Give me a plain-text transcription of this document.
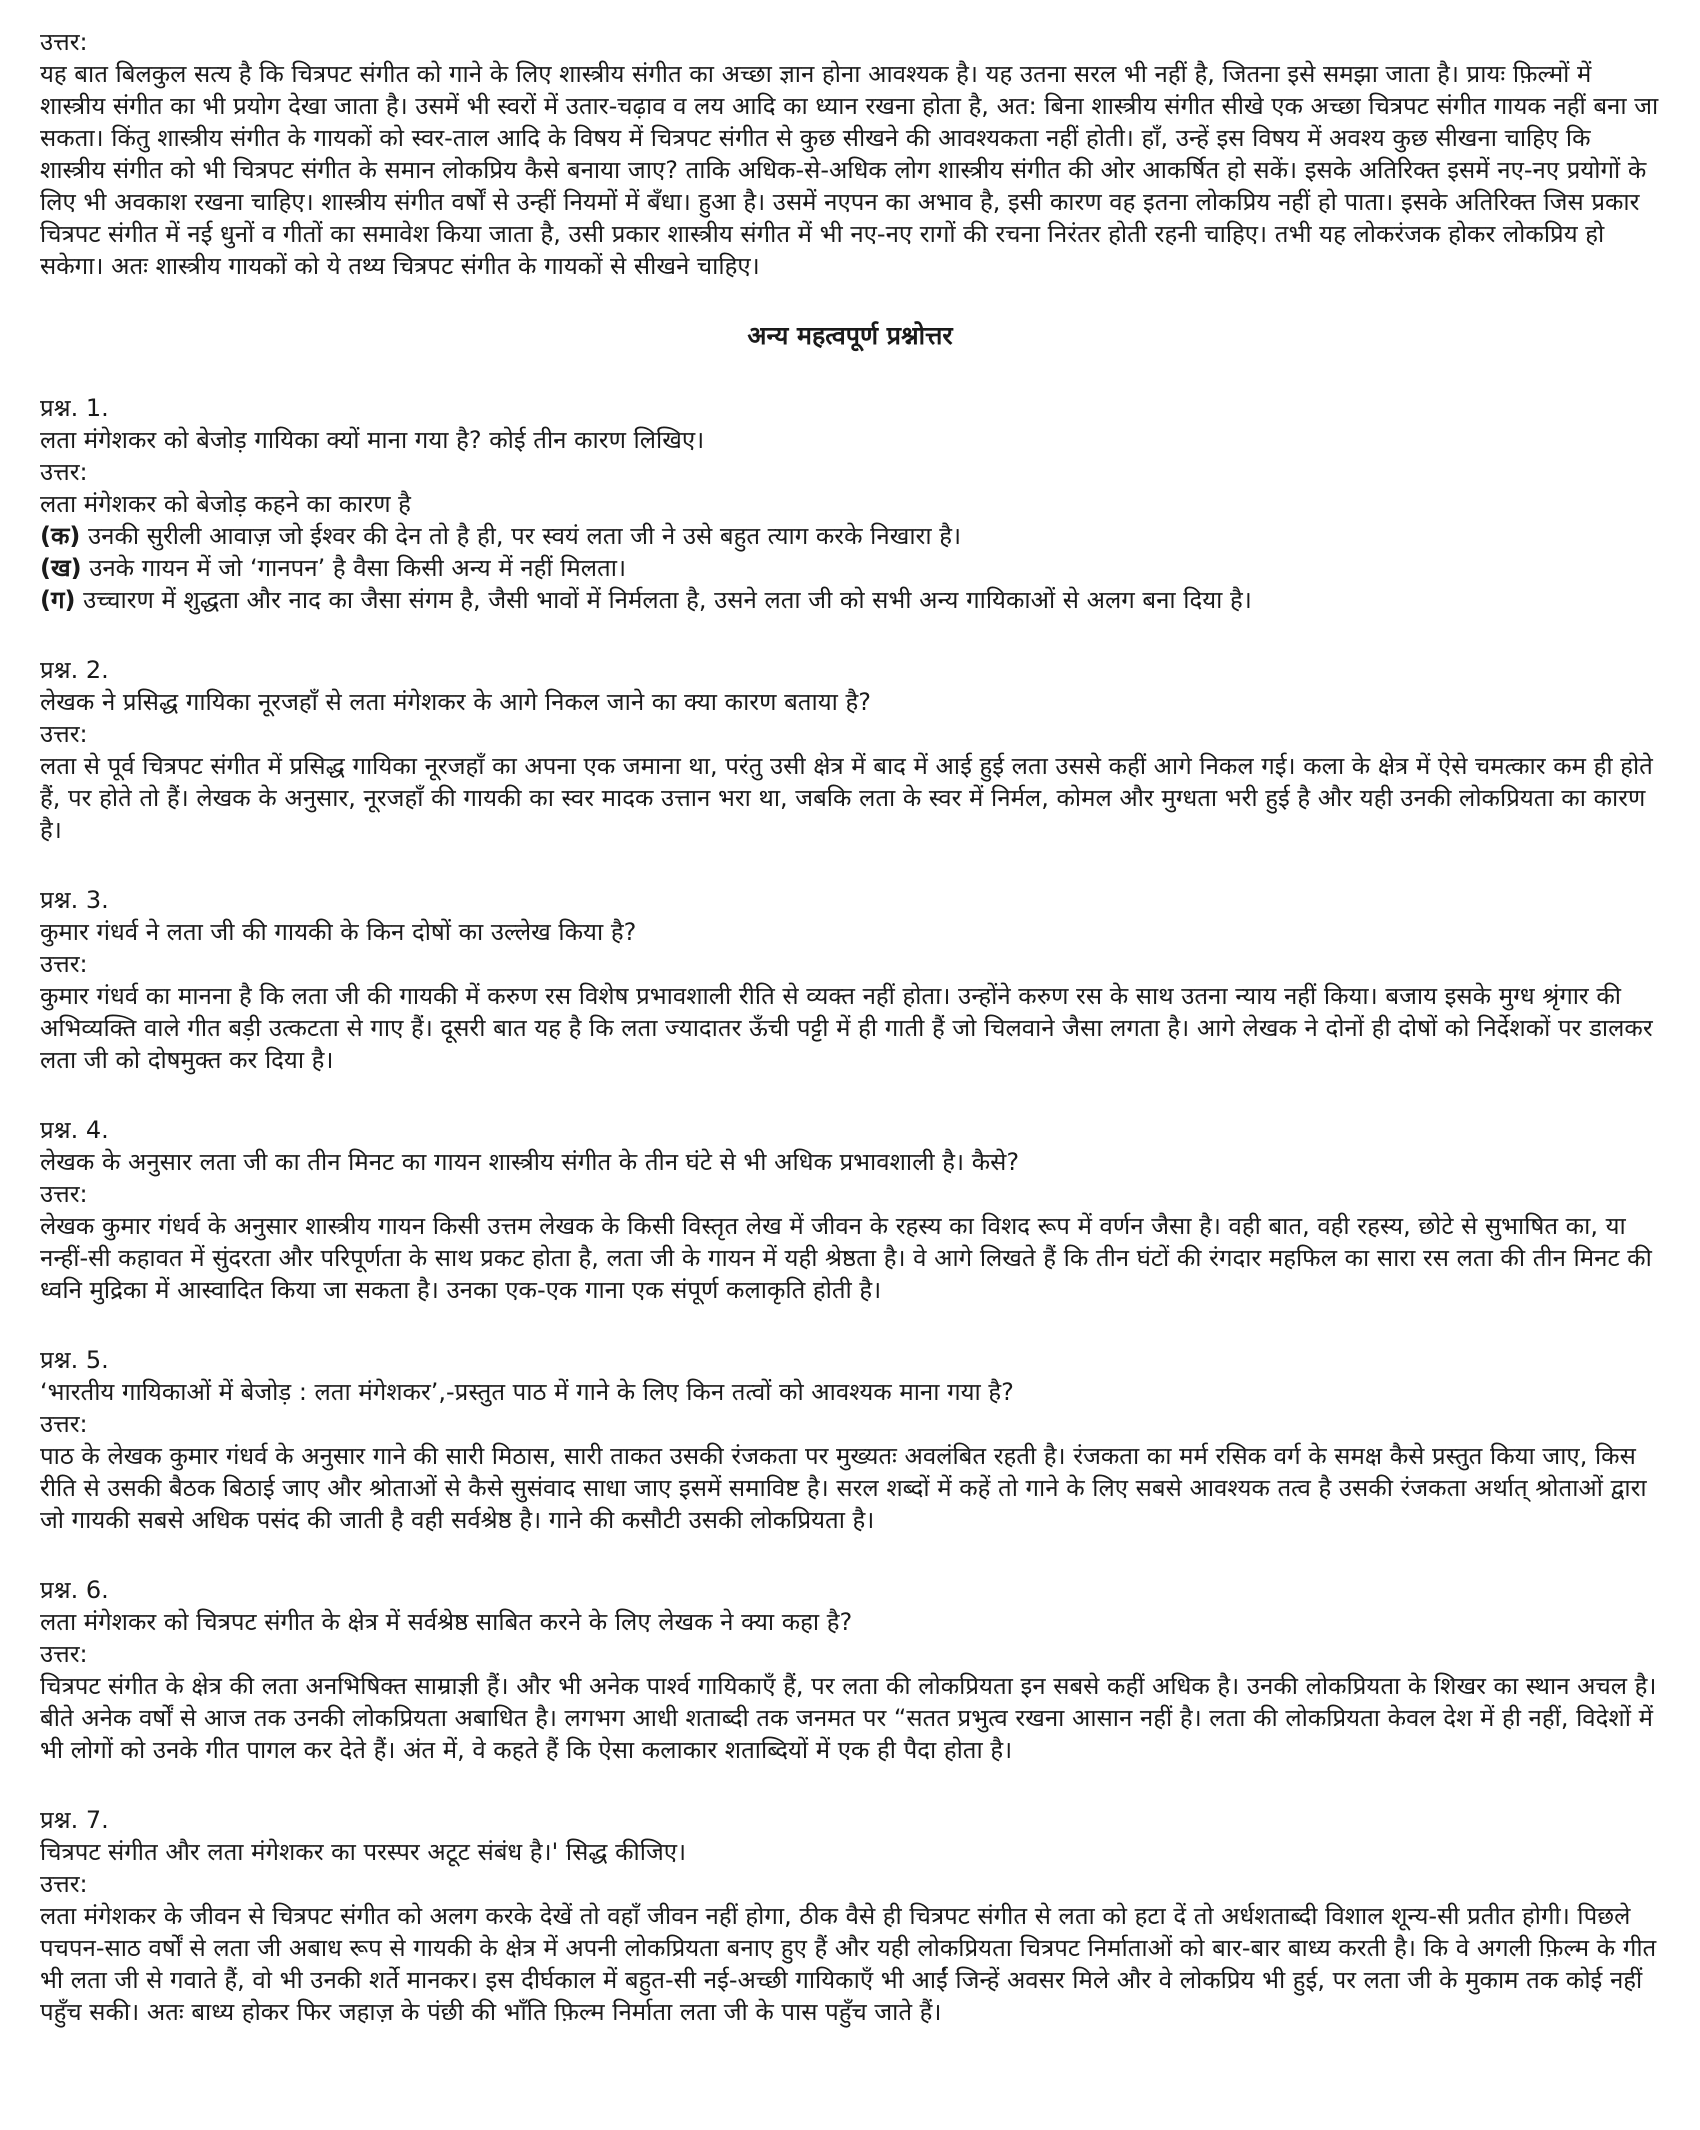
उत्तर:

यह बात बिलकुल सत्य है कि चित्रपट संगीत को गाने के लिए शास्त्रीय संगीत का अच्छा ज्ञान होना आवश्यक है। यह उतना सरल भी नहीं है, जितना इसे समझा जाता है। प्रायः फ़िल्मों में शास्त्रीय संगीत का भी प्रयोग देखा जाता है। उसमें भी स्वरों में उतार-चढ़ाव व लय आदि का ध्यान रखना होता है, अत: बिना शास्त्रीय संगीत सीखे एक अच्छा चित्रपट संगीत गायक नहीं बना जा सकता। किंतु शास्त्रीय संगीत के गायकों को स्वर-ताल आदि के विषय में चित्रपट संगीत से कुछ सीखने की आवश्यकता नहीं होती। हाँ, उन्हें इस विषय में अवश्य कुछ सीखना चाहिए कि शास्त्रीय संगीत को भी चित्रपट संगीत के समान लोकप्रिय कैसे बनाया जाए? ताकि अधिक-से-अधिक लोग शास्त्रीय संगीत की ओर आकर्षित हो सकें। इसके अतिरिक्त इसमें नए-नए प्रयोगों के लिए भी अवकाश रखना चाहिए। शास्त्रीय संगीत वर्षों से उन्हीं नियमों में बँधा। हुआ है। उसमें नएपन का अभाव है, इसी कारण वह इतना लोकप्रिय नहीं हो पाता। इसके अतिरिक्त जिस प्रकार चित्रपट संगीत में नई धुनों व गीतों का समावेश किया जाता है, उसी प्रकार शास्त्रीय संगीत में भी नए-नए रागों की रचना निरंतर होती रहनी चाहिए। तभी यह लोकरंजक होकर लोकप्रिय हो सकेगा। अतः शास्त्रीय गायकों को ये तथ्य चित्रपट संगीत के गायकों से सीखने चाहिए।

अन्य महत्वपूर्ण प्रश्नोत्तर
प्रश्न. 1.
लता मंगेशकर को बेजोड़ गायिका क्यों माना गया है? कोई तीन कारण लिखिए।
उत्तर:
लता मंगेशकर को बेजोड़ कहने का कारण है
(क) उनकी सुरीली आवाज़ जो ईश्वर की देन तो है ही, पर स्वयं लता जी ने उसे बहुत त्याग करके निखारा है।
(ख) उनके गायन में जो ‘गानपन’ है वैसा किसी अन्य में नहीं मिलता।
(ग) उच्चारण में शुद्धता और नाद का जैसा संगम है, जैसी भावों में निर्मलता है, उसने लता जी को सभी अन्य गायिकाओं से अलग बना दिया है।
प्रश्न. 2.
लेखक ने प्रसिद्ध गायिका नूरजहाँ से लता मंगेशकर के आगे निकल जाने का क्या कारण बताया है?
उत्तर:
लता से पूर्व चित्रपट संगीत में प्रसिद्ध गायिका नूरजहाँ का अपना एक जमाना था, परंतु उसी क्षेत्र में बाद में आई हुई लता उससे कहीं आगे निकल गई। कला के क्षेत्र में ऐसे चमत्कार कम ही होते हैं, पर होते तो हैं। लेखक के अनुसार, नूरजहाँ की गायकी का स्वर मादक उत्तान भरा था, जबकि लता के स्वर में निर्मल, कोमल और मुग्धता भरी हुई है और यही उनकी लोकप्रियता का कारण है।
प्रश्न. 3.
कुमार गंधर्व ने लता जी की गायकी के किन दोषों का उल्लेख किया है?
उत्तर:
कुमार गंधर्व का मानना है कि लता जी की गायकी में करुण रस विशेष प्रभावशाली रीति से व्यक्त नहीं होता। उन्होंने करुण रस के साथ उतना न्याय नहीं किया। बजाय इसके मुग्ध श्रृंगार की अभिव्यक्ति वाले गीत बड़ी उत्कटता से गाए हैं। दूसरी बात यह है कि लता ज्यादातर ऊँची पट्टी में ही गाती हैं जो चिलवाने जैसा लगता है। आगे लेखक ने दोनों ही दोषों को निर्देशकों पर डालकर लता जी को दोषमुक्त कर दिया है।
प्रश्न. 4.
लेखक के अनुसार लता जी का तीन मिनट का गायन शास्त्रीय संगीत के तीन घंटे से भी अधिक प्रभावशाली है। कैसे?
उत्तर:
लेखक कुमार गंधर्व के अनुसार शास्त्रीय गायन किसी उत्तम लेखक के किसी विस्तृत लेख में जीवन के रहस्य का विशद रूप में वर्णन जैसा है। वही बात, वही रहस्य, छोटे से सुभाषित का, या नन्हीं-सी कहावत में सुंदरता और परिपूर्णता के साथ प्रकट होता है, लता जी के गायन में यही श्रेष्ठता है। वे आगे लिखते हैं कि तीन घंटों की रंगदार महफिल का सारा रस लता की तीन मिनट की ध्वनि मुद्रिका में आस्वादित किया जा सकता है। उनका एक-एक गाना एक संपूर्ण कलाकृति होती है।
प्रश्न. 5.
‘भारतीय गायिकाओं में बेजोड़ : लता मंगेशकर’,-प्रस्तुत पाठ में गाने के लिए किन तत्वों को आवश्यक माना गया है?
उत्तर:
पाठ के लेखक कुमार गंधर्व के अनुसार गाने की सारी मिठास, सारी ताकत उसकी रंजकता पर मुख्यतः अवलंबित रहती है। रंजकता का मर्म रसिक वर्ग के समक्ष कैसे प्रस्तुत किया जाए, किस रीति से उसकी बैठक बिठाई जाए और श्रोताओं से कैसे सुसंवाद साधा जाए इसमें समाविष्ट है। सरल शब्दों में कहें तो गाने के लिए सबसे आवश्यक तत्व है उसकी रंजकता अर्थात् श्रोताओं द्वारा जो गायकी सबसे अधिक पसंद की जाती है वही सर्वश्रेष्ठ है। गाने की कसौटी उसकी लोकप्रियता है।
प्रश्न. 6.
लता मंगेशकर को चित्रपट संगीत के क्षेत्र में सर्वश्रेष्ठ साबित करने के लिए लेखक ने क्या कहा है?
उत्तर:
चित्रपट संगीत के क्षेत्र की लता अनभिषिक्त साम्राज्ञी हैं। और भी अनेक पार्श्व गायिकाएँ हैं, पर लता की लोकप्रियता इन सबसे कहीं अधिक है। उनकी लोकप्रियता के शिखर का स्थान अचल है। बीते अनेक वर्षों से आज तक उनकी लोकप्रियता अबाधित है। लगभग आधी शताब्दी तक जनमत पर “सतत प्रभुत्व रखना आसान नहीं है। लता की लोकप्रियता केवल देश में ही नहीं, विदेशों में भी लोगों को उनके गीत पागल कर देते हैं। अंत में, वे कहते हैं कि ऐसा कलाकार शताब्दियों में एक ही पैदा होता है।
प्रश्न. 7.
चित्रपट संगीत और लता मंगेशकर का परस्पर अटूट संबंध है।' सिद्ध कीजिए।
उत्तर:
लता मंगेशकर के जीवन से चित्रपट संगीत को अलग करके देखें तो वहाँ जीवन नहीं होगा, ठीक वैसे ही चित्रपट संगीत से लता को हटा दें तो अर्धशताब्दी विशाल शून्य-सी प्रतीत होगी। पिछले पचपन-साठ वर्षों से लता जी अबाध रूप से गायकी के क्षेत्र में अपनी लोकप्रियता बनाए हुए हैं और यही लोकप्रियता चित्रपट निर्माताओं को बार-बार बाध्य करती है। कि वे अगली फ़िल्म के गीत भी लता जी से गवाते हैं, वो भी उनकी शर्ते मानकर। इस दीर्घकाल में बहुत-सी नई-अच्छी गायिकाएँ भी आईं जिन्हें अवसर मिले और वे लोकप्रिय भी हुई, पर लता जी के मुकाम तक कोई नहीं पहुँच सकी। अतः बाध्य होकर फिर जहाज़ के पंछी की भाँति फ़िल्म निर्माता लता जी के पास पहुँच जाते हैं।
